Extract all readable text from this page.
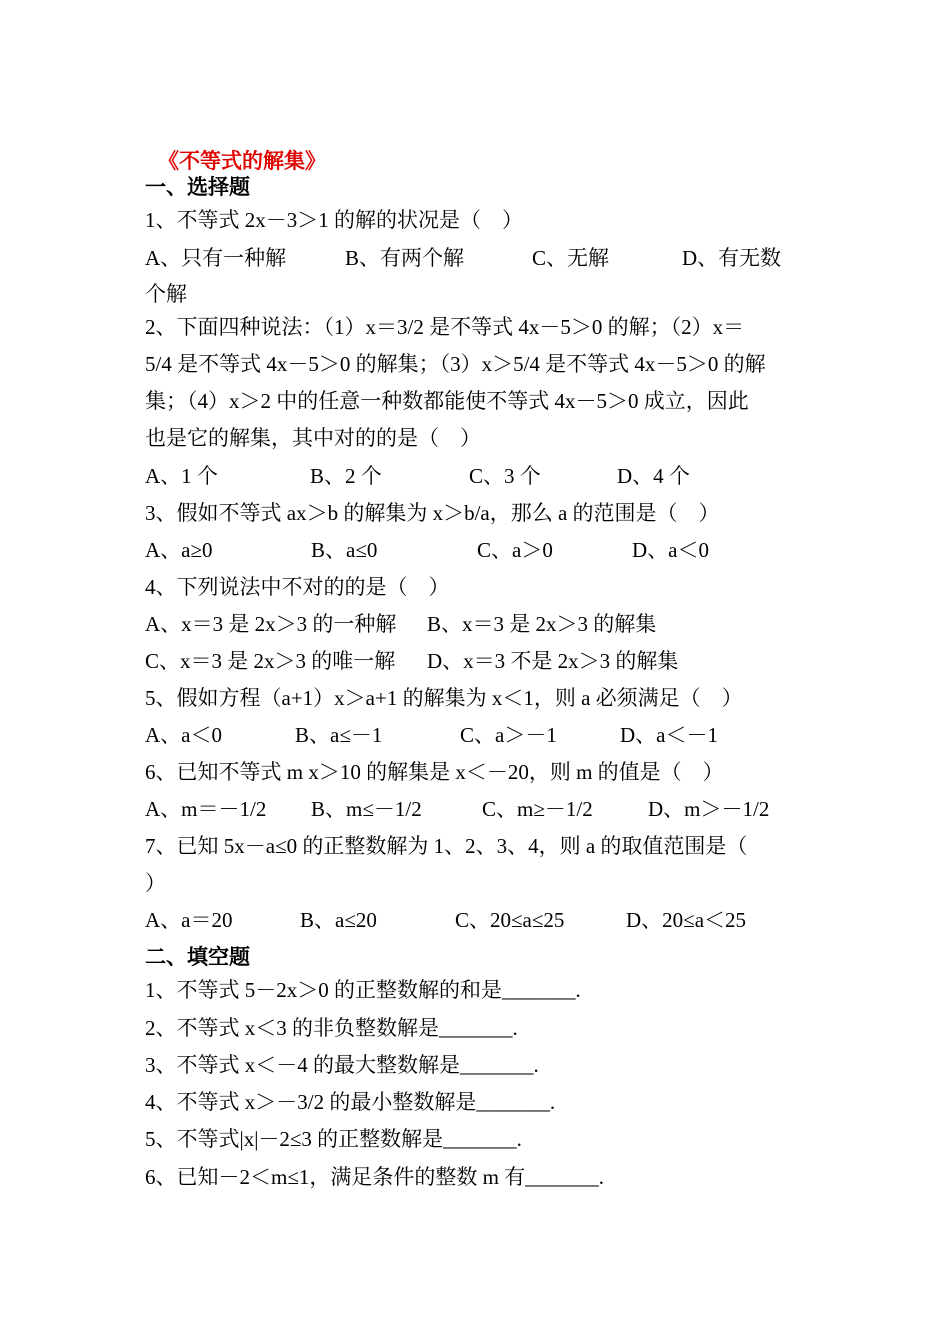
《不等式的解集》
一、选择题
1、不等式 2x－3＞1 的解的状况是（　）
A、只有一种解	B、有两个解	C、无解	D、有无数
个解
2、下面四种说法：（1）x＝3/2 是不等式 4x－5＞0 的解；（2）x＝
5/4 是不等式 4x－5＞0 的解集；（3）x＞5/4 是不等式 4x－5＞0 的解
集；（4）x＞2 中的任意一种数都能使不等式 4x－5＞0 成立，因此
也是它的解集，其中对的的是（　）
A、1 个	B、2 个	C、3 个	D、4 个
3、假如不等式 ax＞b 的解集为 x＞b/a，那么 a 的范围是（　）
A、a≥0	B、a≤0	C、a＞0	D、a＜0
4、下列说法中不对的的是（　）
A、x＝3 是 2x＞3 的一种解 B、x＝3 是 2x＞3 的解集
C、x＝3 是 2x＞3 的唯一解 D、x＝3 不是 2x＞3 的解集
5、假如方程（a+1）x＞a+1 的解集为 x＜1，则 a 必须满足（　）
A、a＜0	B、a≤－1	C、a＞－1	D、a＜－1
6、已知不等式 m x＞10 的解集是 x＜－20，则 m 的值是（　）
A、m＝－1/2 B、m≤－1/2	C、m≥－1/2	D、m＞－1/2
7、已知 5x－a≤0 的正整数解为 1、2、3、4，则 a 的取值范围是（
）
A、a＝20	B、a≤20	C、20≤a≤25	D、20≤a＜25
二、填空题
1、不等式 5－2x＞0 的正整数解的和是_______.
2、不等式 x＜3 的非负整数解是_______.
3、不等式 x＜－4 的最大整数解是_______.
4、不等式 x＞－3/2 的最小整数解是_______.
5、不等式|x|－2≤3 的正整数解是_______.
6、已知－2＜m≤1，满足条件的整数 m 有_______.
